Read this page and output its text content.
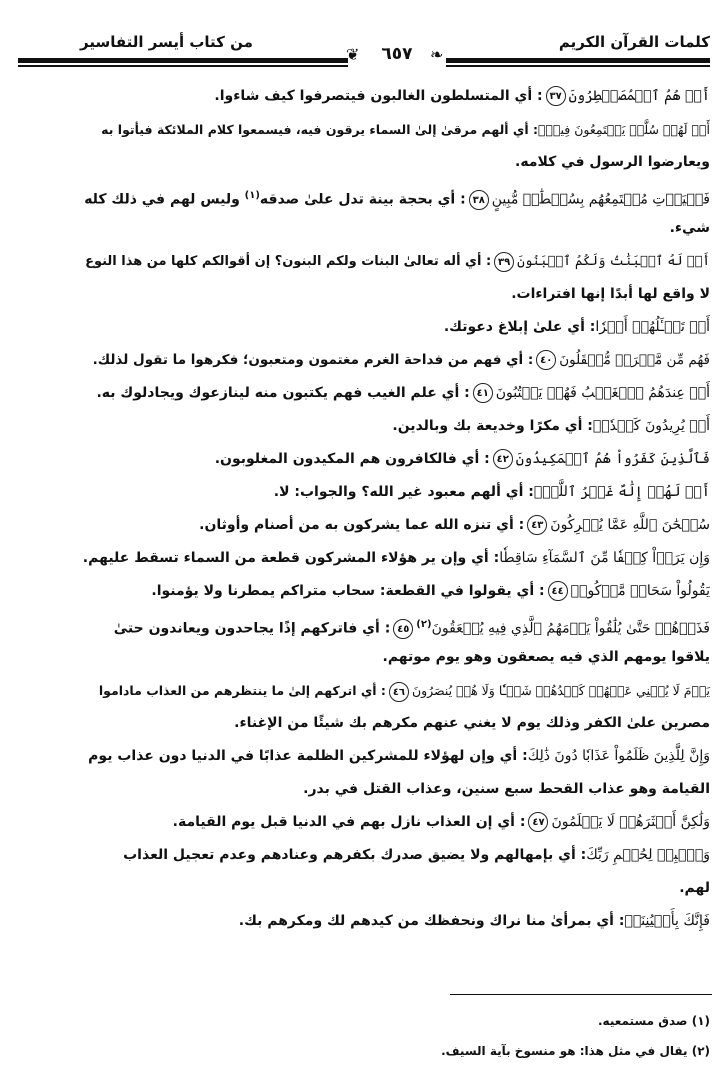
كلمات القرآن الكريم
من كتاب أيسر التفاسير
❦	❧
٦٥٧
أَمۡ هُمُ ٱلۡمُصَيۡطِرُونَ٣٧: أي المتسلطون الغالبون فيتصرفوا كيف شاءوا.
أَمۡ لَهُمۡ سُلَّمٞ يَسۡتَمِعُونَ فِيهِۖ: أي ألهم مرقىٰ إلىٰ السماء يرقون فيه، فيسمعوا كلام الملائكة فيأتوا به
ويعارضوا الرسول في كلامه.
فَلۡيَأۡتِ مُسۡتَمِعُهُم بِسُلۡطَٰنٖ مُّبِينٍ٣٨: أي بحجة بينة تدل علىٰ صدقه$^{(١)}$ وليس لهم في ذلك كله
شيء.
أَمۡ لَهُ ٱلۡبَنَٰتُ وَلَكُمُ ٱلۡبَنُونَ٣٩: أي أله تعالىٰ البنات ولكم البنون؟ إن أقوالكم كلها من هذا النوع
لا واقع لها أبدًا إنها افتراءات.
أَمۡ تَسۡـَٔلُهُمۡ أَجۡرٗا: أي علىٰ إبلاغ دعوتك.
فَهُم مِّن مَّغۡرَمٖ مُّثۡقَلُونَ٤٠: أي فهم من فداحة الغرم مغتمون ومتعبون؛ فكرهوا ما تقول لذلك.
أَمۡ عِندَهُمُ ٱلۡغَيۡبُ فَهُمۡ يَكۡتُبُونَ٤١: أي علم الغيب فهم يكتبون منه لينازعوك ويجادلوك به.
أَمۡ يُرِيدُونَ كَيۡدٗاۖ: أي مكرًا وخديعة بك وبالدين.
فَٱلَّذِينَ كَفَرُواْ هُمُ ٱلۡمَكِيدُونَ٤٢: أي فالكافرون هم المكيدون المغلوبون.
أَمۡ لَهُمۡ إِلَٰهٌ غَيۡرُ ٱللَّهِۚ: أي ألهم معبود غير الله؟ والجواب: لا.
سُبۡحَٰنَ ٱللَّهِ عَمَّا يُشۡرِكُونَ٤٣: أي تنزه الله عما يشركون به من أصنام وأوثان.
وَإِن يَرَوۡاْ كِسۡفٗا مِّنَ ٱلسَّمَآءِ سَاقِطٗا: أي وإن ير هؤلاء المشركون قطعة من السماء تسقط عليهم.
يَقُولُواْ سَحَابٞ مَّرۡكُومٞ٤٤: أي يقولوا في القطعة: سحاب متراكم يمطرنا ولا يؤمنوا.
فَذَرۡهُمۡ حَتَّىٰ يُلَٰقُواْ يَوۡمَهُمُ ٱلَّذِي فِيهِ يُصۡعَقُونَ$^{(٢)}$٤٥: أي فاتركهم إذًا يجاحدون ويعاندون حتىٰ
يلاقوا يومهم الذي فيه يصعقون وهو يوم موتهم.
يَوۡمَ لَا يُغۡنِي عَنۡهُمۡ كَيۡدُهُمۡ شَيۡـٔٗا وَلَا هُمۡ يُنصَرُونَ٤٦: أي اتركهم إلىٰ ما ينتظرهم من العذاب ماداموا
مصرين علىٰ الكفر وذلك يوم لا يغني عنهم مكرهم بك شيئًا من الإغناء.
وَإِنَّ لِلَّذِينَ ظَلَمُواْ عَذَابٗا دُونَ ذَٰلِكَ: أي وإن لهؤلاء للمشركين الظلمة عذابًا في الدنيا دون عذاب يوم
القيامة وهو عذاب القحط سبع سنين، وعذاب القتل في بدر.
وَلَٰكِنَّ أَكۡثَرَهُمۡ لَا يَعۡلَمُونَ٤٧: أي إن العذاب نازل بهم في الدنيا قبل يوم القيامة.
وَٱصۡبِرۡ لِحُكۡمِ رَبِّكَ: أي بإمهالهم ولا يضيق صدرك بكفرهم وعنادهم وعدم تعجيل العذاب
لهم.
فَإِنَّكَ بِأَعۡيُنِنَاۖ: أي بمرأىٰ منا نراك ونحفظك من كيدهم لك ومكرهم بك.
(١) صدق مستمعيه.
(٢) يقال في مثل هذا: هو منسوخ بآية السيف.
